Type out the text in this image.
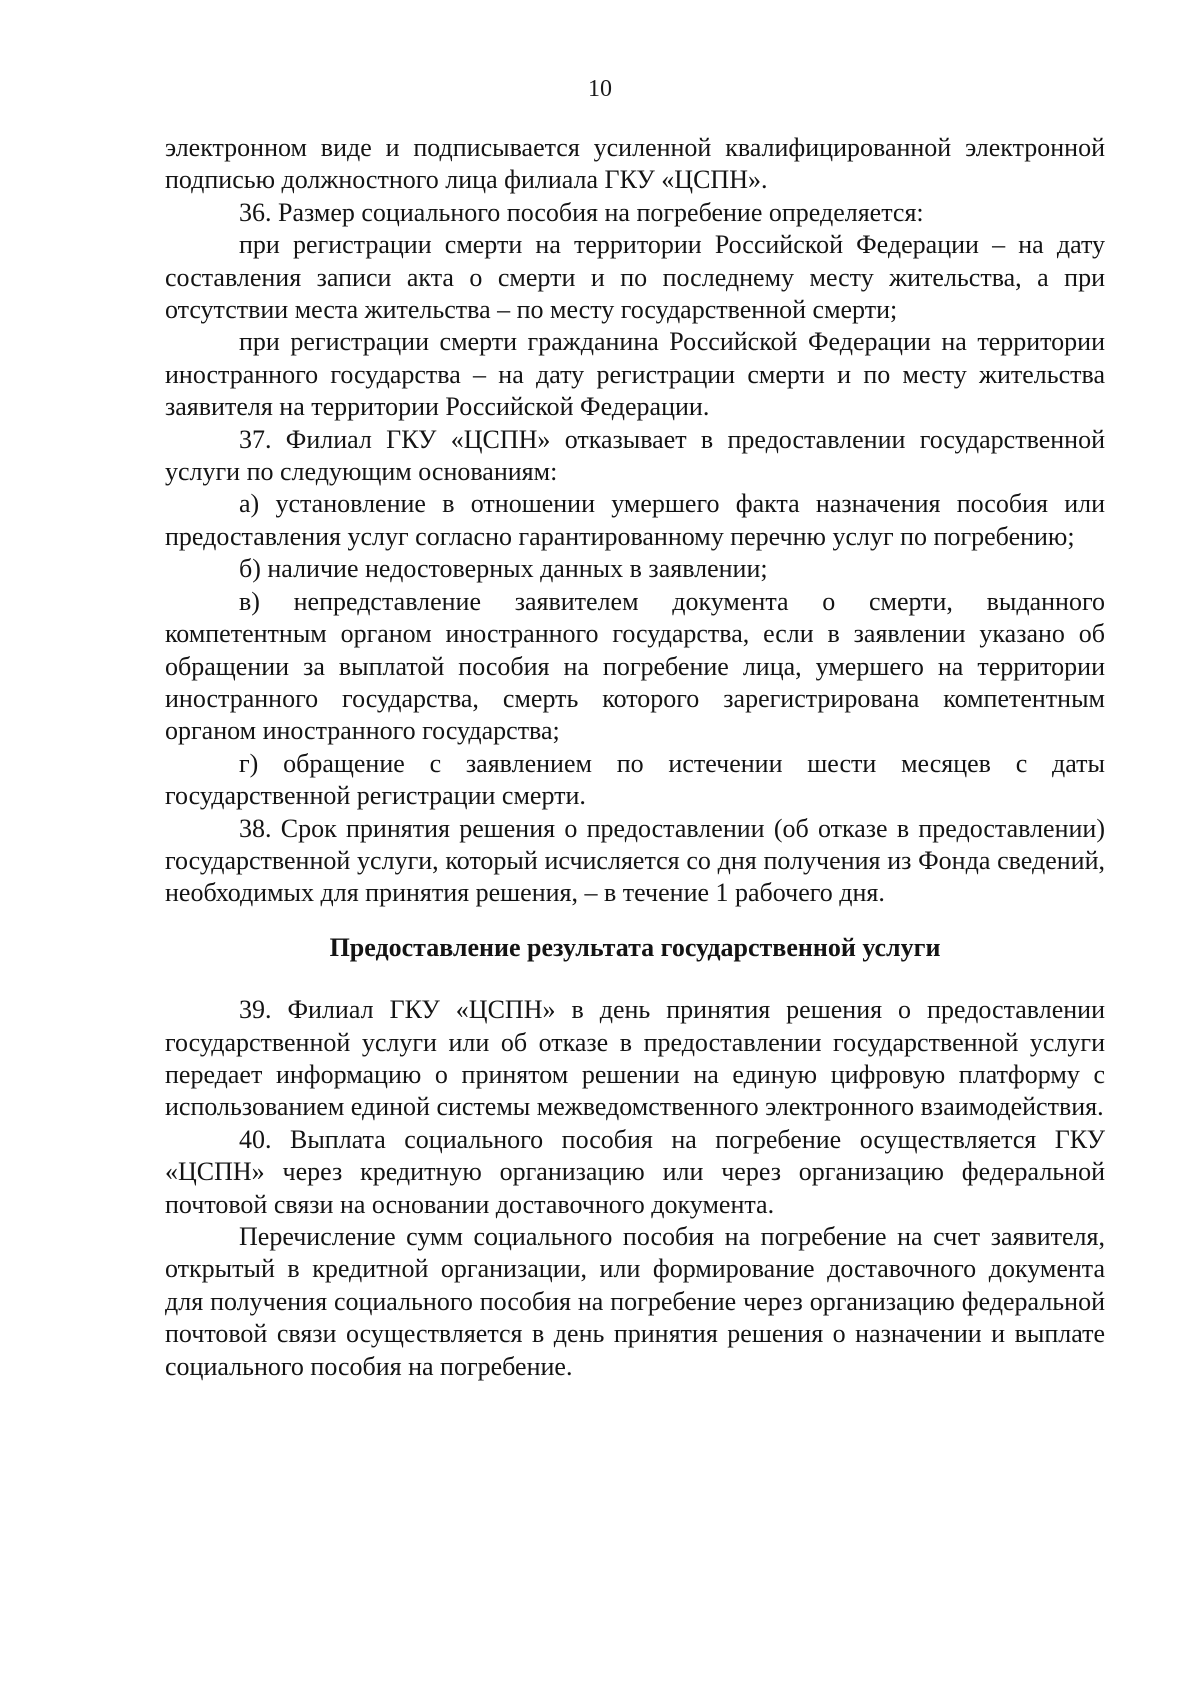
10

электронном виде и подписывается усиленной квалифицированной электронной подписью должностного лица филиала ГКУ «ЦСПН».

36. Размер социального пособия на погребение определяется:

при регистрации смерти на территории Российской Федерации – на дату составления записи акта о смерти и по последнему месту жительства, а при отсутствии места жительства – по месту государственной смерти;

при регистрации смерти гражданина Российской Федерации на территории иностранного государства – на дату регистрации смерти и по месту жительства заявителя на территории Российской Федерации.

37. Филиал ГКУ «ЦСПН» отказывает в предоставлении государственной услуги по следующим основаниям:

а) установление в отношении умершего факта назначения пособия или предоставления услуг согласно гарантированному перечню услуг по погребению;

б) наличие недостоверных данных в заявлении;

в) непредставление заявителем документа о смерти, выданного компетентным органом иностранного государства, если в заявлении указано об обращении за выплатой пособия на погребение лица, умершего на территории иностранного государства, смерть которого зарегистрирована компетентным органом иностранного государства;

г) обращение с заявлением по истечении шести месяцев с даты государственной регистрации смерти.

38. Срок принятия решения о предоставлении (об отказе в предоставлении) государственной услуги, который исчисляется со дня получения из Фонда сведений, необходимых для принятия решения, – в течение 1 рабочего дня.

Предоставление результата государственной услуги

39. Филиал ГКУ «ЦСПН» в день принятия решения о предоставлении государственной услуги или об отказе в предоставлении государственной услуги передает информацию о принятом решении на единую цифровую платформу с использованием единой системы межведомственного электронного взаимодействия.

40. Выплата социального пособия на погребение осуществляется ГКУ «ЦСПН» через кредитную организацию или через организацию федеральной почтовой связи на основании доставочного документа.

Перечисление сумм социального пособия на погребение на счет заявителя, открытый в кредитной организации, или формирование доставочного документа для получения социального пособия на погребение через организацию федеральной почтовой связи осуществляется в день принятия решения о назначении и выплате социального пособия на погребение.
